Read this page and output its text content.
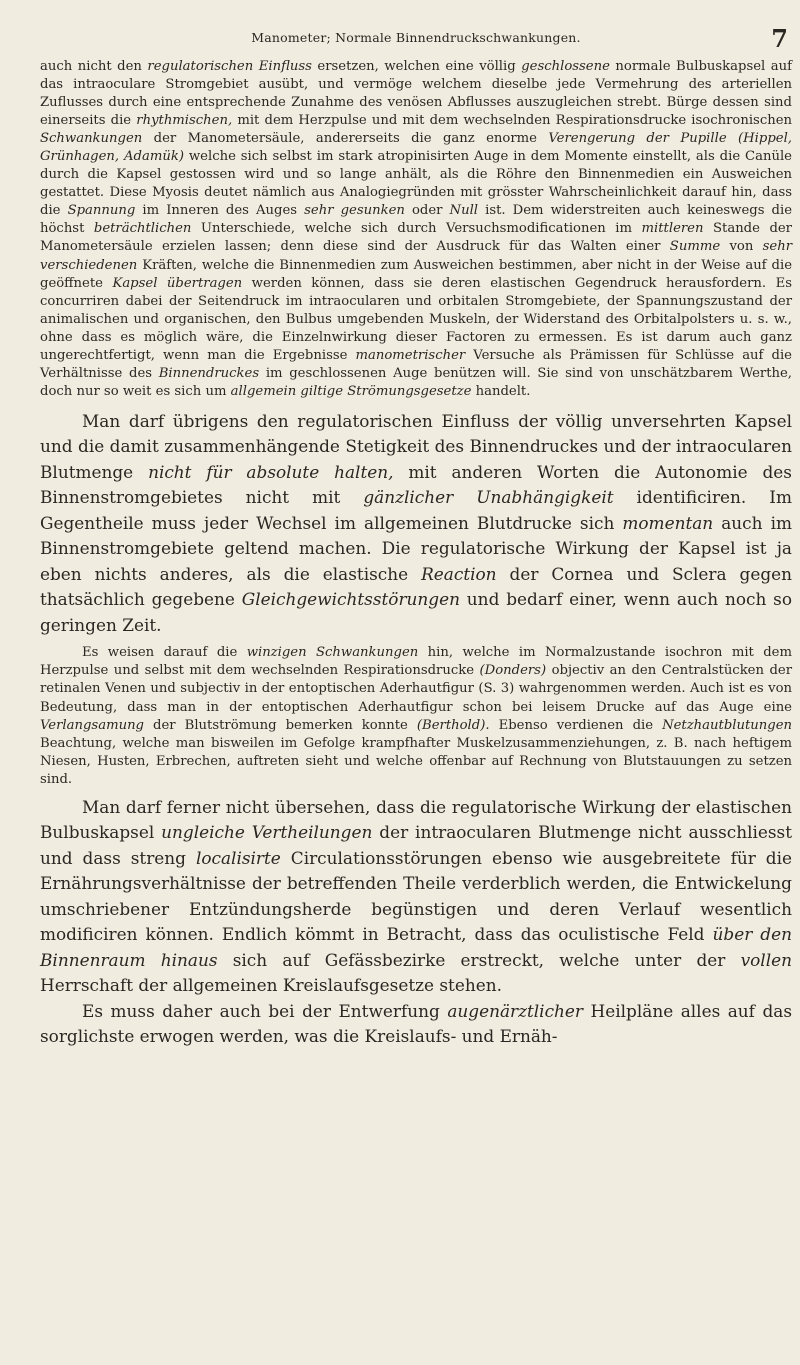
Manometer; Normale Binnendruckschwankungen.	7

auch nicht den regulatorischen Einfluss ersetzen, welchen eine völlig geschlossene normale Bulbuskapsel auf das intraoculare Stromgebiet ausübt, und vermöge welchem dieselbe jede Vermehrung des arteriellen Zuflusses durch eine entsprechende Zunahme des venösen Abflusses auszugleichen strebt. Bürge dessen sind einerseits die rhythmischen, mit dem Herzpulse und mit dem wechselnden Respirationsdrucke isochronischen Schwankungen der Manometersäule, andererseits die ganz enorme Verengerung der Pupille (Hippel, Grünhagen, Adamük) welche sich selbst im stark atropinisirten Auge in dem Momente einstellt, als die Canüle durch die Kapsel gestossen wird und so lange anhält, als die Röhre den Binnenmedien ein Ausweichen gestattet. Diese Myosis deutet nämlich aus Analogiegründen mit grösster Wahrscheinlichkeit darauf hin, dass die Spannung im Inneren des Auges sehr gesunken oder Null ist. Dem widerstreiten auch keineswegs die höchst beträchtlichen Unterschiede, welche sich durch Versuchsmodificationen im mittleren Stande der Manometersäule erzielen lassen; denn diese sind der Ausdruck für das Walten einer Summe von sehr verschiedenen Kräften, welche die Binnenmedien zum Ausweichen bestimmen, aber nicht in der Weise auf die geöffnete Kapsel übertragen werden können, dass sie deren elastischen Gegendruck herausfordern. Es concurriren dabei der Seitendruck im intraocularen und orbitalen Stromgebiete, der Spannungszustand der animalischen und organischen, den Bulbus umgebenden Muskeln, der Widerstand des Orbitalpolsters u. s. w., ohne dass es möglich wäre, die Einzelnwirkung dieser Factoren zu ermessen. Es ist darum auch ganz ungerechtfertigt, wenn man die Ergebnisse manometrischer Versuche als Prämissen für Schlüsse auf die Verhältnisse des Binnendruckes im geschlossenen Auge benützen will. Sie sind von unschätzbarem Werthe, doch nur so weit es sich um allgemein giltige Strömungsgesetze handelt.

Man darf übrigens den regulatorischen Einfluss der völlig unversehrten Kapsel und die damit zusammenhängende Stetigkeit des Binnendruckes und der intraocularen Blutmenge nicht für absolute halten, mit anderen Worten die Autonomie des Binnenstromgebietes nicht mit gänzlicher Unabhängigkeit identificiren. Im Gegentheile muss jeder Wechsel im allgemeinen Blutdrucke sich momentan auch im Binnenstromgebiete geltend machen. Die regulatorische Wirkung der Kapsel ist ja eben nichts anderes, als die elastische Reaction der Cornea und Sclera gegen thatsächlich gegebene Gleichgewichtsstörungen und bedarf einer, wenn auch noch so geringen Zeit.

Es weisen darauf die winzigen Schwankungen hin, welche im Normalzustande isochron mit dem Herzpulse und selbst mit dem wechselnden Respirationsdrucke (Donders) objectiv an den Centralstücken der retinalen Venen und subjectiv in der entoptischen Aderhautfigur (S. 3) wahrgenommen werden. Auch ist es von Bedeutung, dass man in der entoptischen Aderhautfigur schon bei leisem Drucke auf das Auge eine Verlangsamung der Blutströmung bemerken konnte (Berthold). Ebenso verdienen die Netzhautblutungen Beachtung, welche man bisweilen im Gefolge krampfhafter Muskelzusammenziehungen, z. B. nach heftigem Niesen, Husten, Erbrechen, auftreten sieht und welche offenbar auf Rechnung von Blutstauungen zu setzen sind.

Man darf ferner nicht übersehen, dass die regulatorische Wirkung der elastischen Bulbuskapsel ungleiche Vertheilungen der intraocularen Blutmenge nicht ausschliesst und dass streng localisirte Circulationsstörungen ebenso wie ausgebreitete für die Ernährungsverhältnisse der betreffenden Theile verderblich werden, die Entwickelung umschriebener Entzündungsherde begünstigen und deren Verlauf wesentlich modificiren können. Endlich kömmt in Betracht, dass das oculistische Feld über den Binnenraum hinaus sich auf Gefässbezirke erstreckt, welche unter der vollen Herrschaft der allgemeinen Kreislaufsgesetze stehen.

Es muss daher auch bei der Entwerfung augenärztlicher Heilpläne alles auf das sorglichste erwogen werden, was die Kreislaufs- und Ernäh-
